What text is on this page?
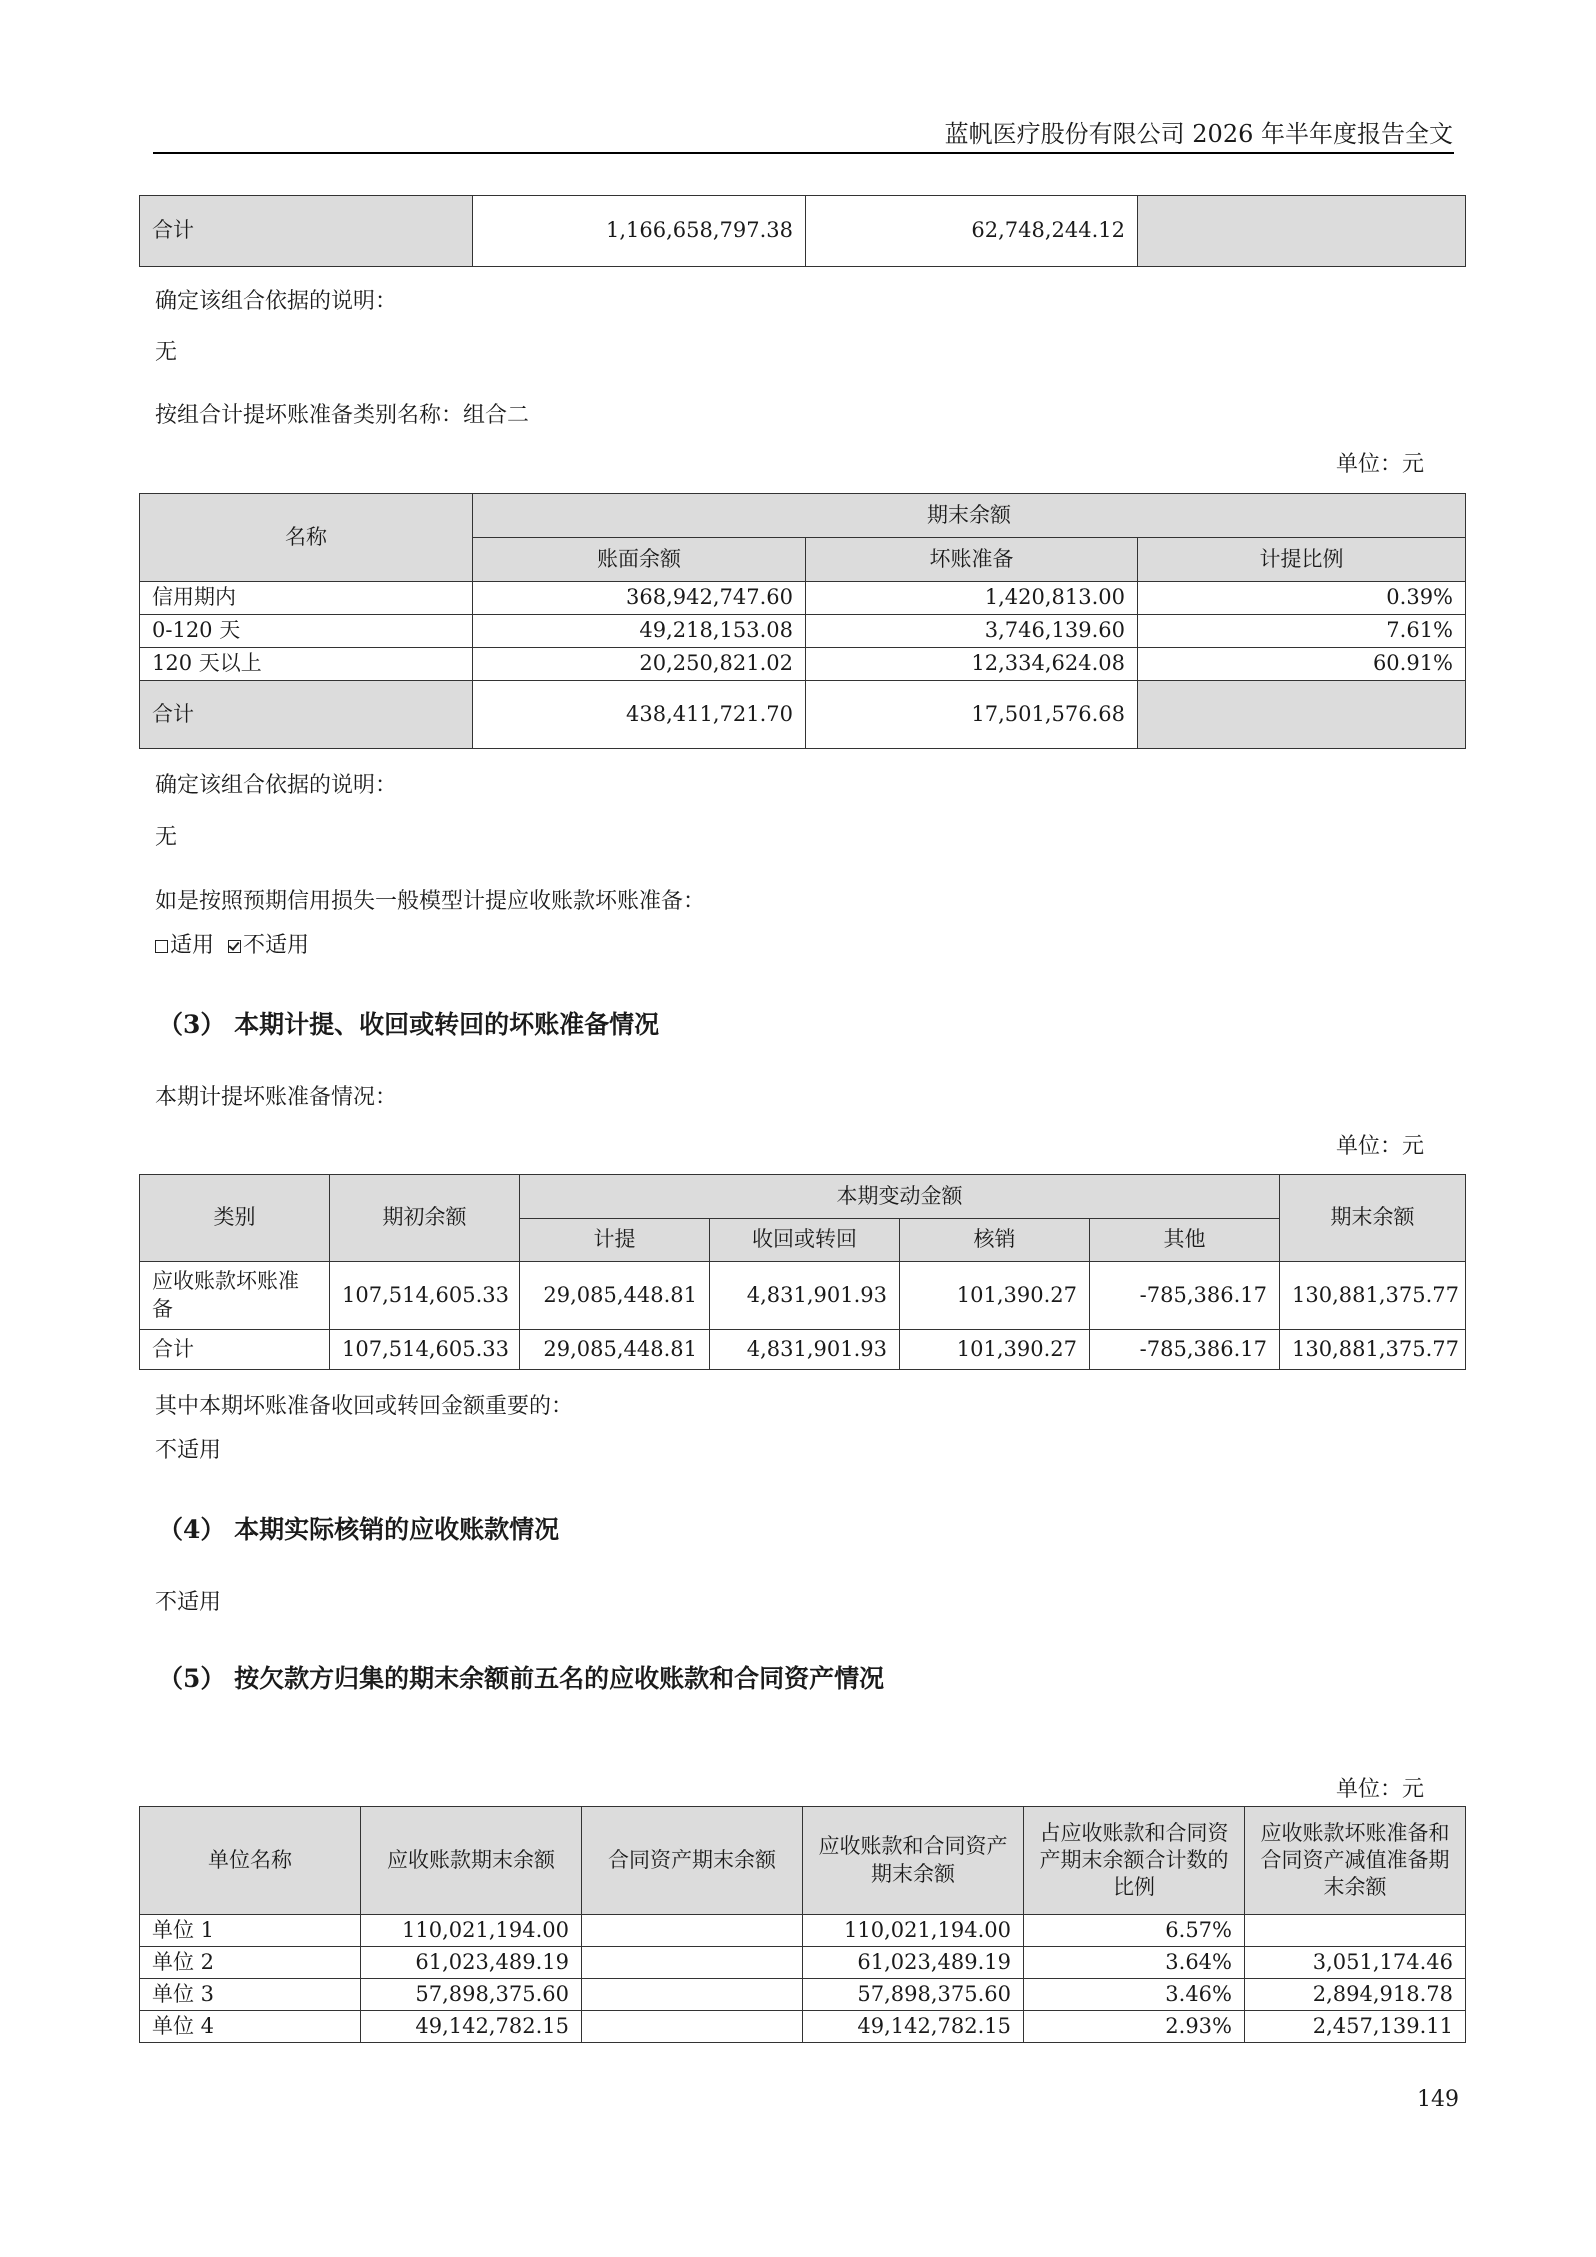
蓝帆医疗股份有限公司 2026 年半年度报告全文
合计	1,166,658,797.38	62,748,244.12	
确定该组合依据的说明：
无
按组合计提坏账准备类别名称：组合二
单位：元
名称	期末余额		
	账面余额	坏账准备	计提比例
信用期内	368,942,747.60	1,420,813.00	0.39%
0-120 天	49,218,153.08	3,746,139.60	7.61%
120 天以上	20,250,821.02	12,334,624.08	60.91%
合计	438,411,721.70	17,501,576.68	
确定该组合依据的说明：
无
如是按照预期信用损失一般模型计提应收账款坏账准备：
适用 不适用
（3） 本期计提、收回或转回的坏账准备情况
本期计提坏账准备情况：
单位：元
类别	期初余额	本期变动金额				期末余额
		计提	收回或转回	核销	其他	
应收账款坏账准备	107,514,605.33	29,085,448.81	4,831,901.93	101,390.27	-785,386.17	130,881,375.77
合计	107,514,605.33	29,085,448.81	4,831,901.93	101,390.27	-785,386.17	130,881,375.77
其中本期坏账准备收回或转回金额重要的：
不适用
（4） 本期实际核销的应收账款情况
不适用
（5） 按欠款方归集的期末余额前五名的应收账款和合同资产情况
单位：元
单位名称	应收账款期末余额	合同资产期末余额	应收账款和合同资产期末余额	占应收账款和合同资产期末余额合计数的比例	应收账款坏账准备和合同资产减值准备期末余额
单位 1	110,021,194.00		110,021,194.00	6.57%	
单位 2	61,023,489.19		61,023,489.19	3.64%	3,051,174.46
单位 3	57,898,375.60		57,898,375.60	3.46%	2,894,918.78
单位 4	49,142,782.15		49,142,782.15	2.93%	2,457,139.11
149
